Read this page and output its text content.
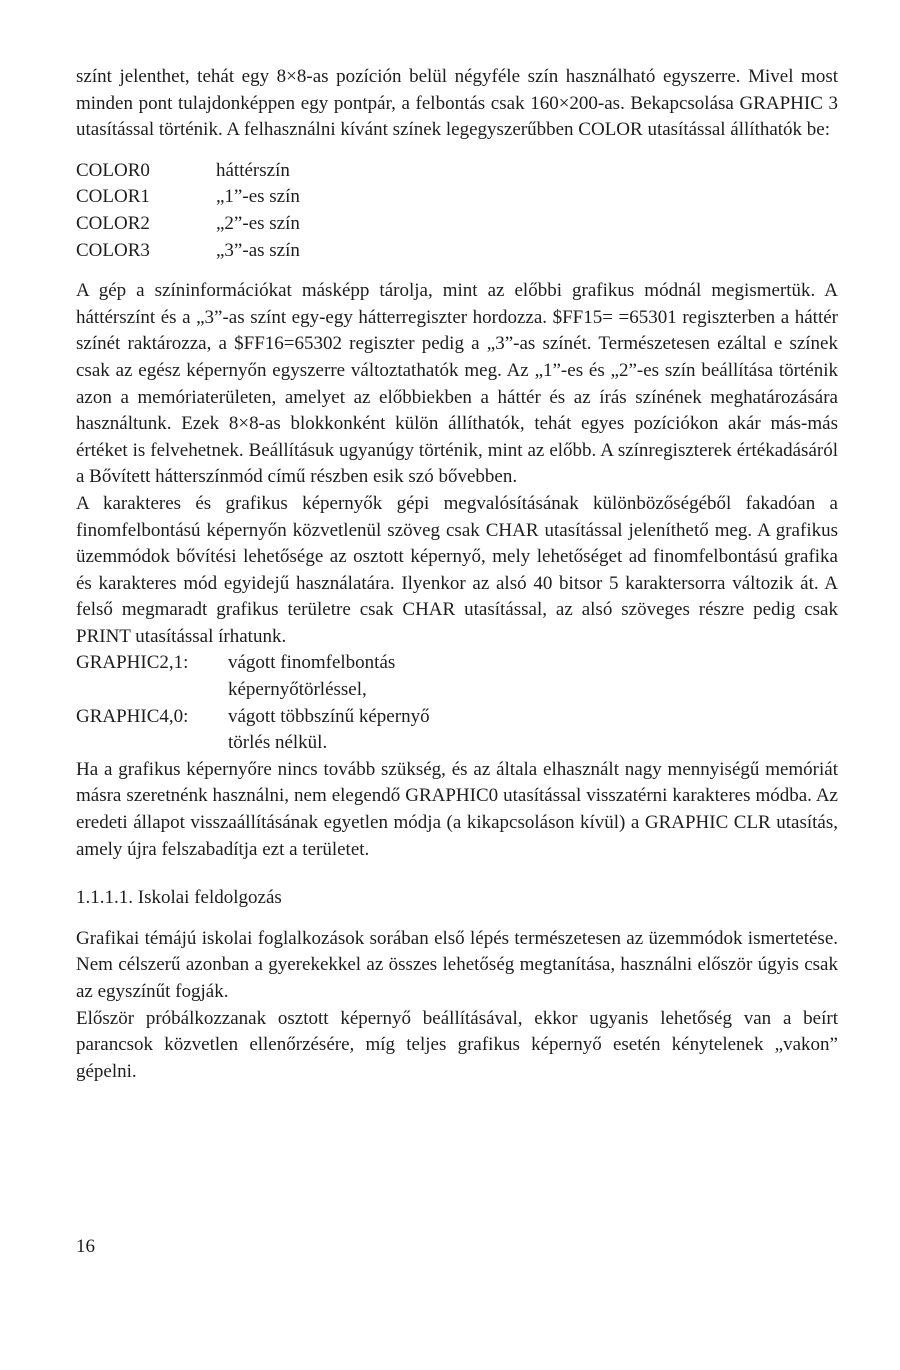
színt jelenthet, tehát egy 8×8-as pozíción belül négyféle szín használható egyszerre. Mivel most minden pont tulajdonképpen egy pontpár, a felbontás csak 160×200-as. Bekapcsolása GRAPHIC 3 utasítással történik. A felhasználni kívánt színek legegyszerűbben COLOR utasítással állíthatók be:

COLOR0	háttérszín
COLOR1	„1”-es szín
COLOR2	„2”-es szín
COLOR3	„3”-as szín

A gép a színinformációkat másképp tárolja, mint az előbbi grafikus módnál megismertük. A háttérszínt és a „3”-as színt egy-egy hátterregiszter hordozza. $FF15= =65301 regiszterben a háttér színét raktározza, a $FF16=65302 regiszter pedig a „3”-as színét. Természetesen ezáltal e színek csak az egész képernyőn egyszerre változtathatók meg. Az „1”-es és „2”-es szín beállítása történik azon a memóriaterületen, amelyet az előbbiekben a háttér és az írás színének meghatározására használtunk. Ezek 8×8-as blokkonként külön állíthatók, tehát egyes pozíciókon akár más-más értéket is felvehetnek. Beállításuk ugyanúgy történik, mint az előbb. A színregiszterek értékadásáról a Bővített hátterszínmód című részben esik szó bővebben.

A karakteres és grafikus képernyők gépi megvalósításának különbözőségéből fakadóan a finomfelbontású képernyőn közvetlenül szöveg csak CHAR utasítással jeleníthető meg. A grafikus üzemmódok bővítési lehetősége az osztott képernyő, mely lehetőséget ad finomfelbontású grafika és karakteres mód egyidejű használatára. Ilyenkor az alsó 40 bitsor 5 karaktersorra változik át. A felső megmaradt grafikus területre csak CHAR utasítással, az alsó szöveges részre pedig csak PRINT utasítással írhatunk.

GRAPHIC2,1:	vágott finomfelbontás
képernyőtörléssel,
GRAPHIC4,0:	vágott többszínű képernyő
törlés nélkül.

Ha a grafikus képernyőre nincs tovább szükség, és az általa elhasznált nagy mennyiségű memóriát másra szeretnénk használni, nem elegendő GRAPHIC0 utasítással visszatérni karakteres módba. Az eredeti állapot visszaállításának egyetlen módja (a kikapcsoláson kívül) a GRAPHIC CLR utasítás, amely újra felszabadítja ezt a területet.

1.1.1.1. Iskolai feldolgozás

Grafikai témájú iskolai foglalkozások sorában első lépés természetesen az üzemmódok ismertetése. Nem célszerű azonban a gyerekekkel az összes lehetőség megtanítása, használni először úgyis csak az egyszínűt fogják.

Először próbálkozzanak osztott képernyő beállításával, ekkor ugyanis lehetőség van a beírt parancsok közvetlen ellenőrzésére, míg teljes grafikus képernyő esetén kénytelenek „vakon” gépelni.

16
